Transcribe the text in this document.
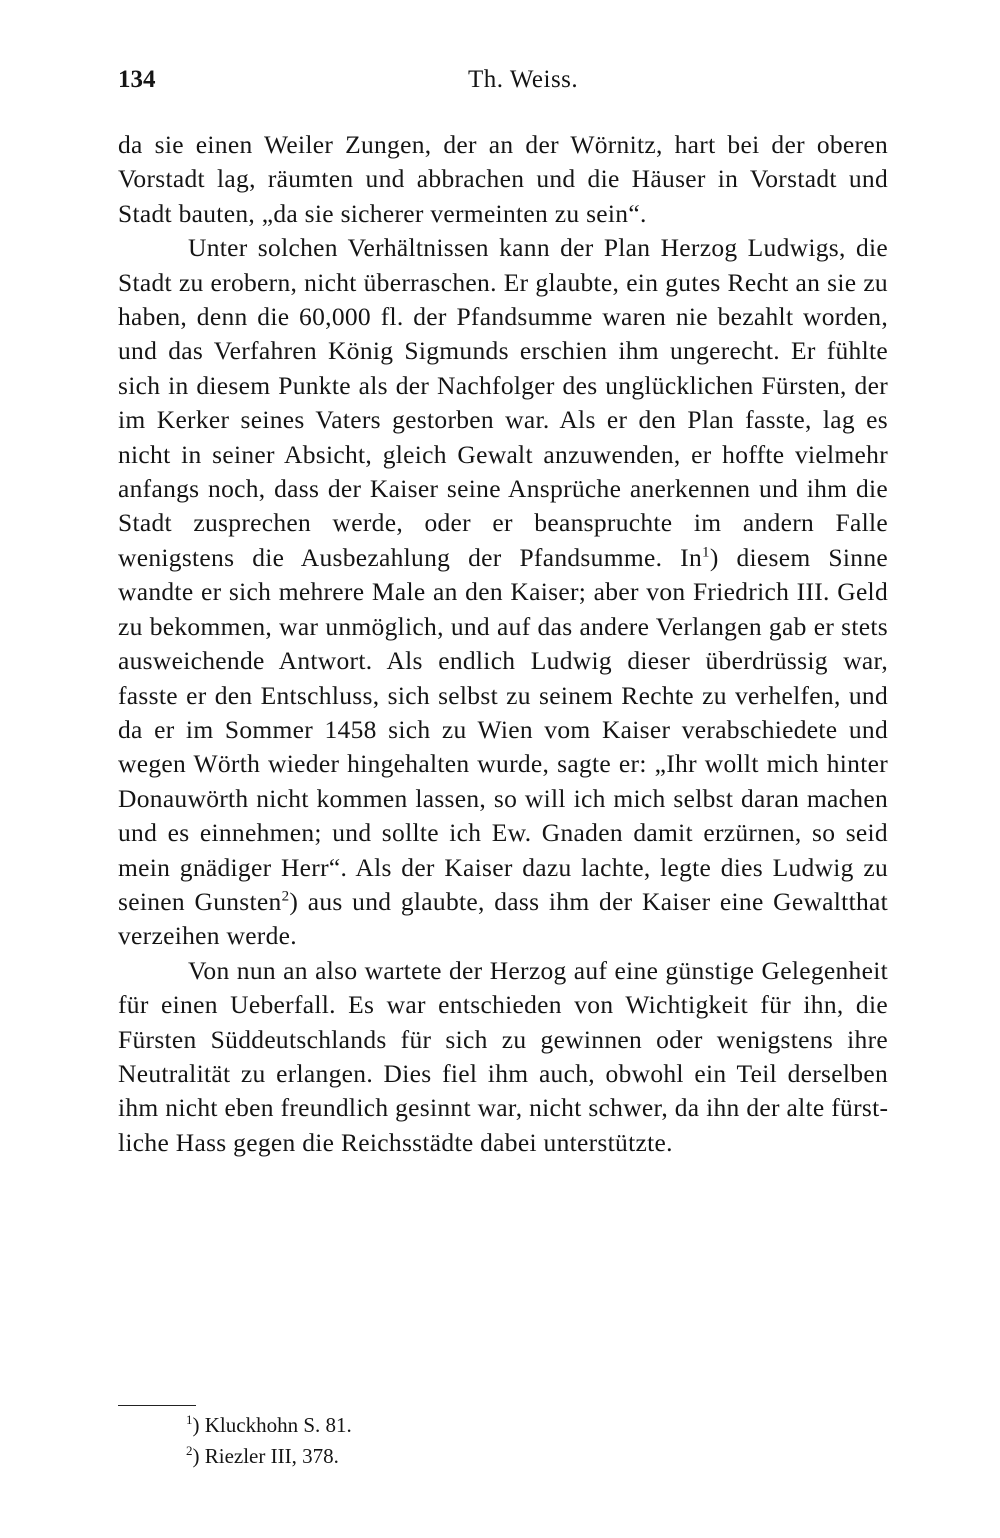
134	Th. Weiss.

da sie einen Weiler Zungen, der an der Wörnitz, hart bei der oberen Vorstadt lag, räumten und abbrachen und die Häuser in Vorstadt und Stadt bauten, „da sie sicherer vermeinten zu sein“.

Unter solchen Verhältnissen kann der Plan Herzog Ludwigs, die Stadt zu erobern, nicht überraschen. Er glaubte, ein gutes Recht an sie zu haben, denn die 60,000 fl. der Pfandsumme waren nie bezahlt worden, und das Verfahren König Sigmunds erschien ihm ungerecht. Er fühlte sich in diesem Punkte als der Nachfolger des unglücklichen Fürsten, der im Kerker seines Vaters gestorben war. Als er den Plan fasste, lag es nicht in seiner Absicht, gleich Gewalt anzuwenden, er hoffte vielmehr anfangs noch, dass der Kaiser seine Ansprüche anerkennen und ihm die Stadt zusprechen werde, oder er beanspruchte im andern Falle wenigstens die Ausbezahlung der Pfandsumme. In$^1$) diesem Sinne wandte er sich mehrere Male an den Kaiser; aber von Friedrich III. Geld zu bekommen, war unmöglich, und auf das andere Verlangen gab er stets ausweichende Antwort. Als endlich Ludwig dieser überdrüssig war, fasste er den Entschluss, sich selbst zu seinem Rechte zu verhelfen, und da er im Sommer 1458 sich zu Wien vom Kaiser verabschiedete und wegen Wörth wieder hingehalten wurde, sagte er: „Ihr wollt mich hinter Donauwörth nicht kommen lassen, so will ich mich selbst daran machen und es einnehmen; und sollte ich Ew. Gnaden damit erzürnen, so seid mein gnädiger Herr“. Als der Kaiser dazu lachte, legte dies Ludwig zu seinen Gunsten$^2$) aus und glaubte, dass ihm der Kaiser eine Gewaltthat verzeihen werde.

Von nun an also wartete der Herzog auf eine günstige Gelegenheit für einen Ueberfall. Es war entschieden von Wichtigkeit für ihn, die Fürsten Süddeutschlands für sich zu gewinnen oder wenigstens ihre Neutralität zu erlangen. Dies fiel ihm auch, obwohl ein Teil derselben ihm nicht eben freundlich gesinnt war, nicht schwer, da ihn der alte fürstliche Hass gegen die Reichsstädte dabei unterstützte.

$^1$) Kluckhohn S. 81.

$^2$) Riezler III, 378.
